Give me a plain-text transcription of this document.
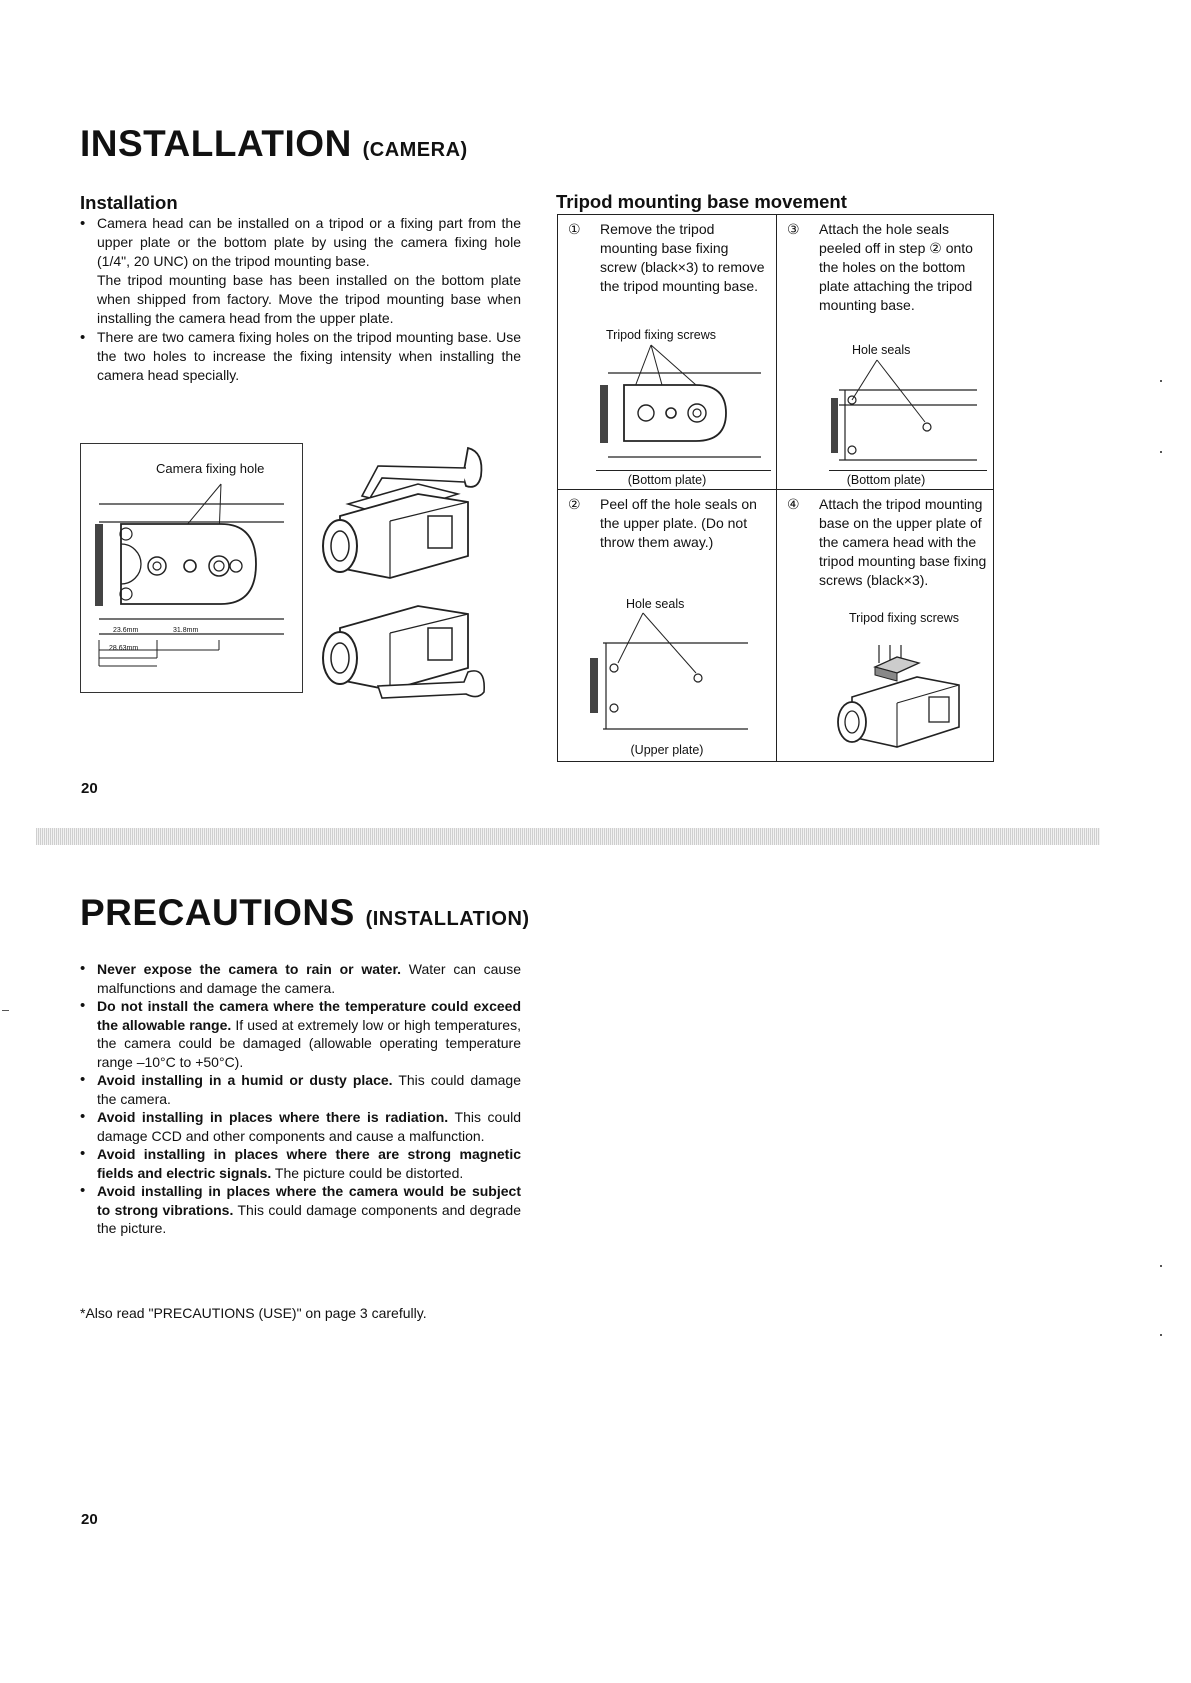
INSTALLATION (CAMERA)
Installation
• Camera head can be installed on a tripod or a fixing part from the upper plate or the bottom plate by using the camera fixing hole (1/4", 20 UNC) on the tripod mounting base.
The tripod mounting base has been installed on the bottom plate when shipped from factory. Move the tripod mounting base when installing the camera head from the upper plate.
• There are two camera fixing holes on the tripod mounting base. Use the two holes to increase the fixing intensity when installing the camera head specially.
Camera fixing hole
23.6mm	31.8mm
28.63mm
Tripod mounting base movement
① Remove the tripod mounting base fixing screw (black×3) to remove the tripod mounting base.
Tripod fixing screws
(Bottom plate)
③ Attach the hole seals peeled off in step ② onto the holes on the bottom plate attaching the tripod mounting base.
Hole seals
(Bottom plate)
② Peel off the hole seals on the upper plate. (Do not throw them away.)
Hole seals
(Upper plate)
④ Attach the tripod mounting base on the upper plate of the camera head with the tripod mounting base fixing screws (black×3).
Tripod fixing screws
20
PRECAUTIONS (INSTALLATION)
• Never expose the camera to rain or water. Water can cause malfunctions and damage the camera.
• Do not install the camera where the temperature could exceed the allowable range. If used at extremely low or high temperatures, the camera could be damaged (allowable operating temperature range –10°C to +50°C).
• Avoid installing in a humid or dusty place. This could damage the camera.
• Avoid installing in places where there is radiation. This could damage CCD and other components and cause a malfunction.
• Avoid installing in places where there are strong magnetic fields and electric signals. The picture could be distorted.
• Avoid installing in places where the camera would be subject to strong vibrations. This could damage components and degrade the picture.
*Also read "PRECAUTIONS (USE)" on page 3 carefully.
20
